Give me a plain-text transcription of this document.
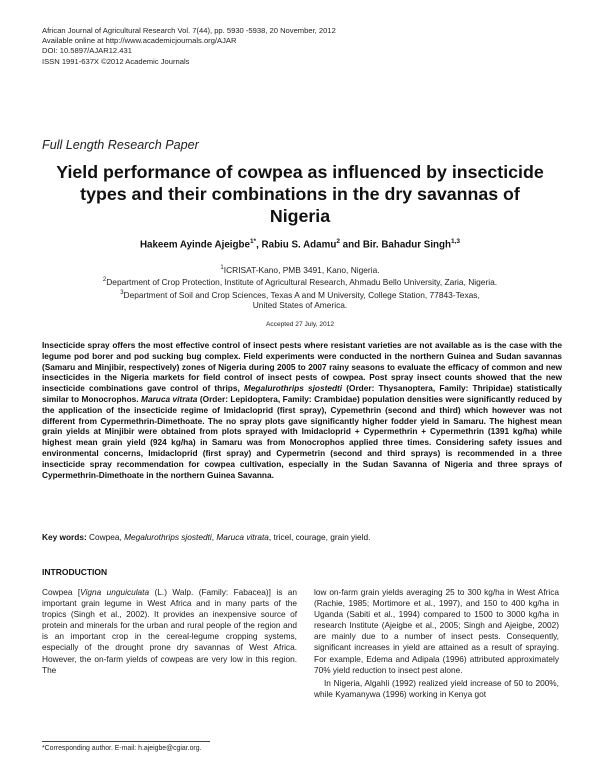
African Journal of Agricultural Research Vol. 7(44), pp. 5930 -5938, 20 November, 2012
Available online at http://www.academicjournals.org/AJAR
DOI: 10.5897/AJAR12.431
ISSN 1991-637X ©2012 Academic Journals
Full Length Research Paper
Yield performance of cowpea as influenced by insecticide types and their combinations in the dry savannas of Nigeria
Hakeem Ayinde Ajeigbe$^{1*}$, Rabiu S. Adamu$^2$ and Bir. Bahadur Singh$^{1,3}$
$^1$ICRISAT-Kano, PMB 3491, Kano, Nigeria.
$^2$Department of Crop Protection, Institute of Agricultural Research, Ahmadu Bello University, Zaria, Nigeria.
$^3$Department of Soil and Crop Sciences, Texas A and M University, College Station, 77843-Texas,
United States of America.
Accepted 27 July, 2012
Insecticide spray offers the most effective control of insect pests where resistant varieties are not available as is the case with the legume pod borer and pod sucking bug complex. Field experiments were conducted in the northern Guinea and Sudan savannas (Samaru and Minjibir, respectively) zones of Nigeria during 2005 to 2007 rainy seasons to evaluate the efficacy of common and new insecticides in the Nigeria markets for field control of insect pests of cowpea. Post spray insect counts showed that the new insecticide combinations gave control of thrips, Megalurothrips sjostedti (Order: Thysanoptera, Family: Thripidae) statistically similar to Monocrophos. Maruca vitrata (Order: Lepidoptera, Family: Crambidae) population densities were significantly reduced by the application of the insecticide regime of Imidacloprid (first spray), Cypemethrin (second and third) which however was not different from Cypermethrin-Dimethoate. The no spray plots gave significantly higher fodder yield in Samaru. The highest mean grain yields at Minjibir were obtained from plots sprayed with Imidacloprid + Cypermethrin + Cypermethrin (1391 kg/ha) while highest mean grain yield (924 kg/ha) in Samaru was from Monocrophos applied three times. Considering safety issues and environmental concerns, Imidacloprid (first spray) and Cypermetrin (second and third sprays) is recommended in a three insecticide spray recommendation for cowpea cultivation, especially in the Sudan Savanna of Nigeria and three sprays of Cypermethrin-Dimethoate in the northern Guinea Savanna.
Key words: Cowpea, Megalurothrips sjostedti, Maruca vitrata, tricel, courage, grain yield.
INTRODUCTION
Cowpea [Vigna unguiculata (L.) Walp. (Family: Fabacea)] is an important grain legume in West Africa and in many parts of the tropics (Singh et al., 2002). It provides an inexpensive source of protein and minerals for the urban and rural people of the region and is an important crop in the cereal-legume cropping systems, especially of the drought prone dry savannas of West Africa. However, the on-farm yields of cowpeas are very low in this region. The

low on-farm grain yields averaging 25 to 300 kg/ha in West Africa (Rachie, 1985; Mortimore et al., 1997), and 150 to 400 kg/ha in Uganda (Sabiti et al., 1994) compared to 1500 to 3000 kg/ha in research Institute (Ajeigbe et al., 2005; Singh and Ajeigbe, 2002) are mainly due to a number of insect pests. Consequently, significant increases in yield are attained as a result of spraying. For example, Edema and Adipala (1996) attributed approximately 70% yield reduction to insect pest alone.

In Nigeria, Algahli (1992) realized yield increase of 50 to 200%, while Kyamanywa (1996) working in Kenya got

*Corresponding author. E-mail: h.ajeigbe@cgiar.org.
